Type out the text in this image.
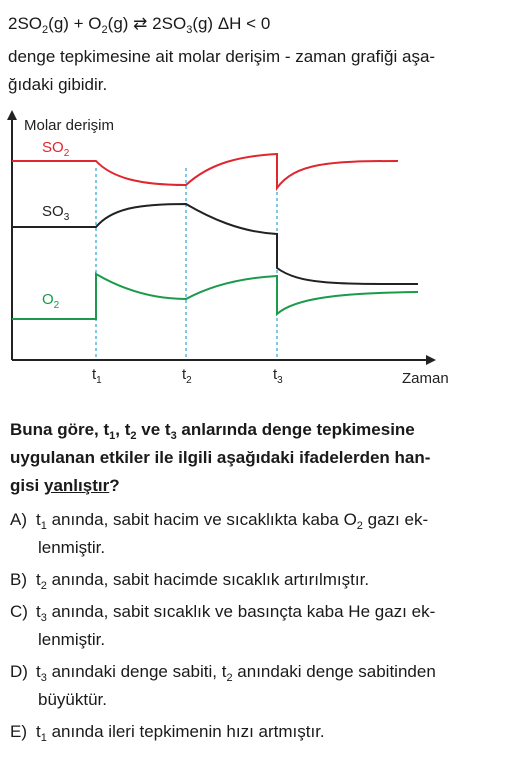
$2SO_2(g) + O_2(g)$ ⇄ $2SO_3(g) \Delta H < 0$
denge tepkimesine ait molar derişim - zaman grafiği aşa-
ğıdaki gibidir.
Molar derişim
Zaman
$t_1$	$t_2$	$t_3$
$SO_2$
$SO_3$
$O_2$
Buna göre, $t_1$, $t_2$ ve $t_3$ anlarında denge tepkimesine
uygulanan etkiler ile ilgili aşağıdaki ifadelerden han-
gisi yanlıştır?
A) $t_1$ anında, sabit hacim ve sıcaklıkta kaba $O_2$ gazı ek-
lenmiştir.
B) $t_2$ anında, sabit hacimde sıcaklık artırılmıştır.
C) $t_3$ anında, sabit sıcaklık ve basınçta kaba He gazı ek-
lenmiştir.
D) $t_3$ anındaki denge sabiti, $t_2$ anındaki denge sabitinden
büyüktür.
E) $t_1$ anında ileri tepkimenin hızı artmıştır.
